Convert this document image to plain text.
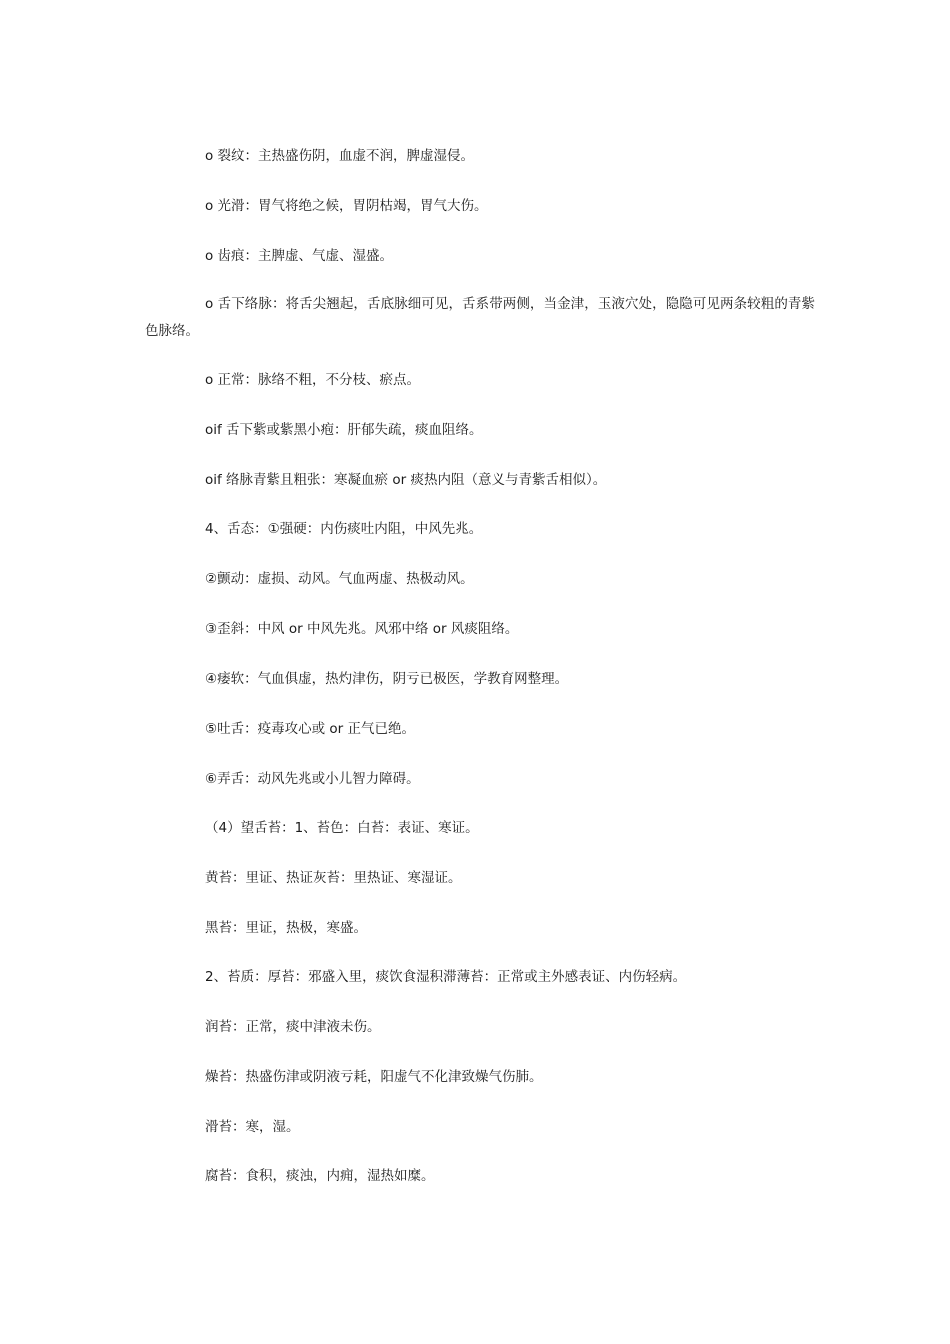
o 裂纹：主热盛伤阴，血虚不润，脾虚湿侵。

o 光滑：胃气将绝之候，胃阴枯竭，胃气大伤。

o 齿痕：主脾虚、气虚、湿盛。

o 舌下络脉：将舌尖翘起，舌底脉细可见，舌系带两侧，当金津，玉液穴处，隐隐可见两条较粗的青紫色脉络。

o 正常：脉络不粗，不分枝、瘀点。

oif 舌下紫或紫黑小疱：肝郁失疏，痰血阻络。

oif 络脉青紫且粗张：寒凝血瘀 or 痰热内阻（意义与青紫舌相似）。

4、舌态：①强硬：内伤痰吐内阻，中风先兆。

②颤动：虚损、动风。气血两虚、热极动风。

③歪斜：中风 or 中风先兆。风邪中络 or 风痰阻络。

④痿软：气血俱虚，热灼津伤，阴亏已极医，学教育网整理。

⑤吐舌：疫毒攻心或 or 正气已绝。

⑥弄舌：动风先兆或小儿智力障碍。

（4）望舌苔：1、苔色：白苔：表证、寒证。

黄苔：里证、热证灰苔：里热证、寒湿证。

黑苔：里证，热极，寒盛。

2、苔质：厚苔：邪盛入里，痰饮食湿积滞薄苔：正常或主外感表证、内伤轻病。

润苔：正常，痰中津液未伤。

燥苔：热盛伤津或阴液亏耗，阳虚气不化津致燥气伤肺。

滑苔：寒，湿。

腐苔：食积，痰浊，内痈，湿热如糜。
